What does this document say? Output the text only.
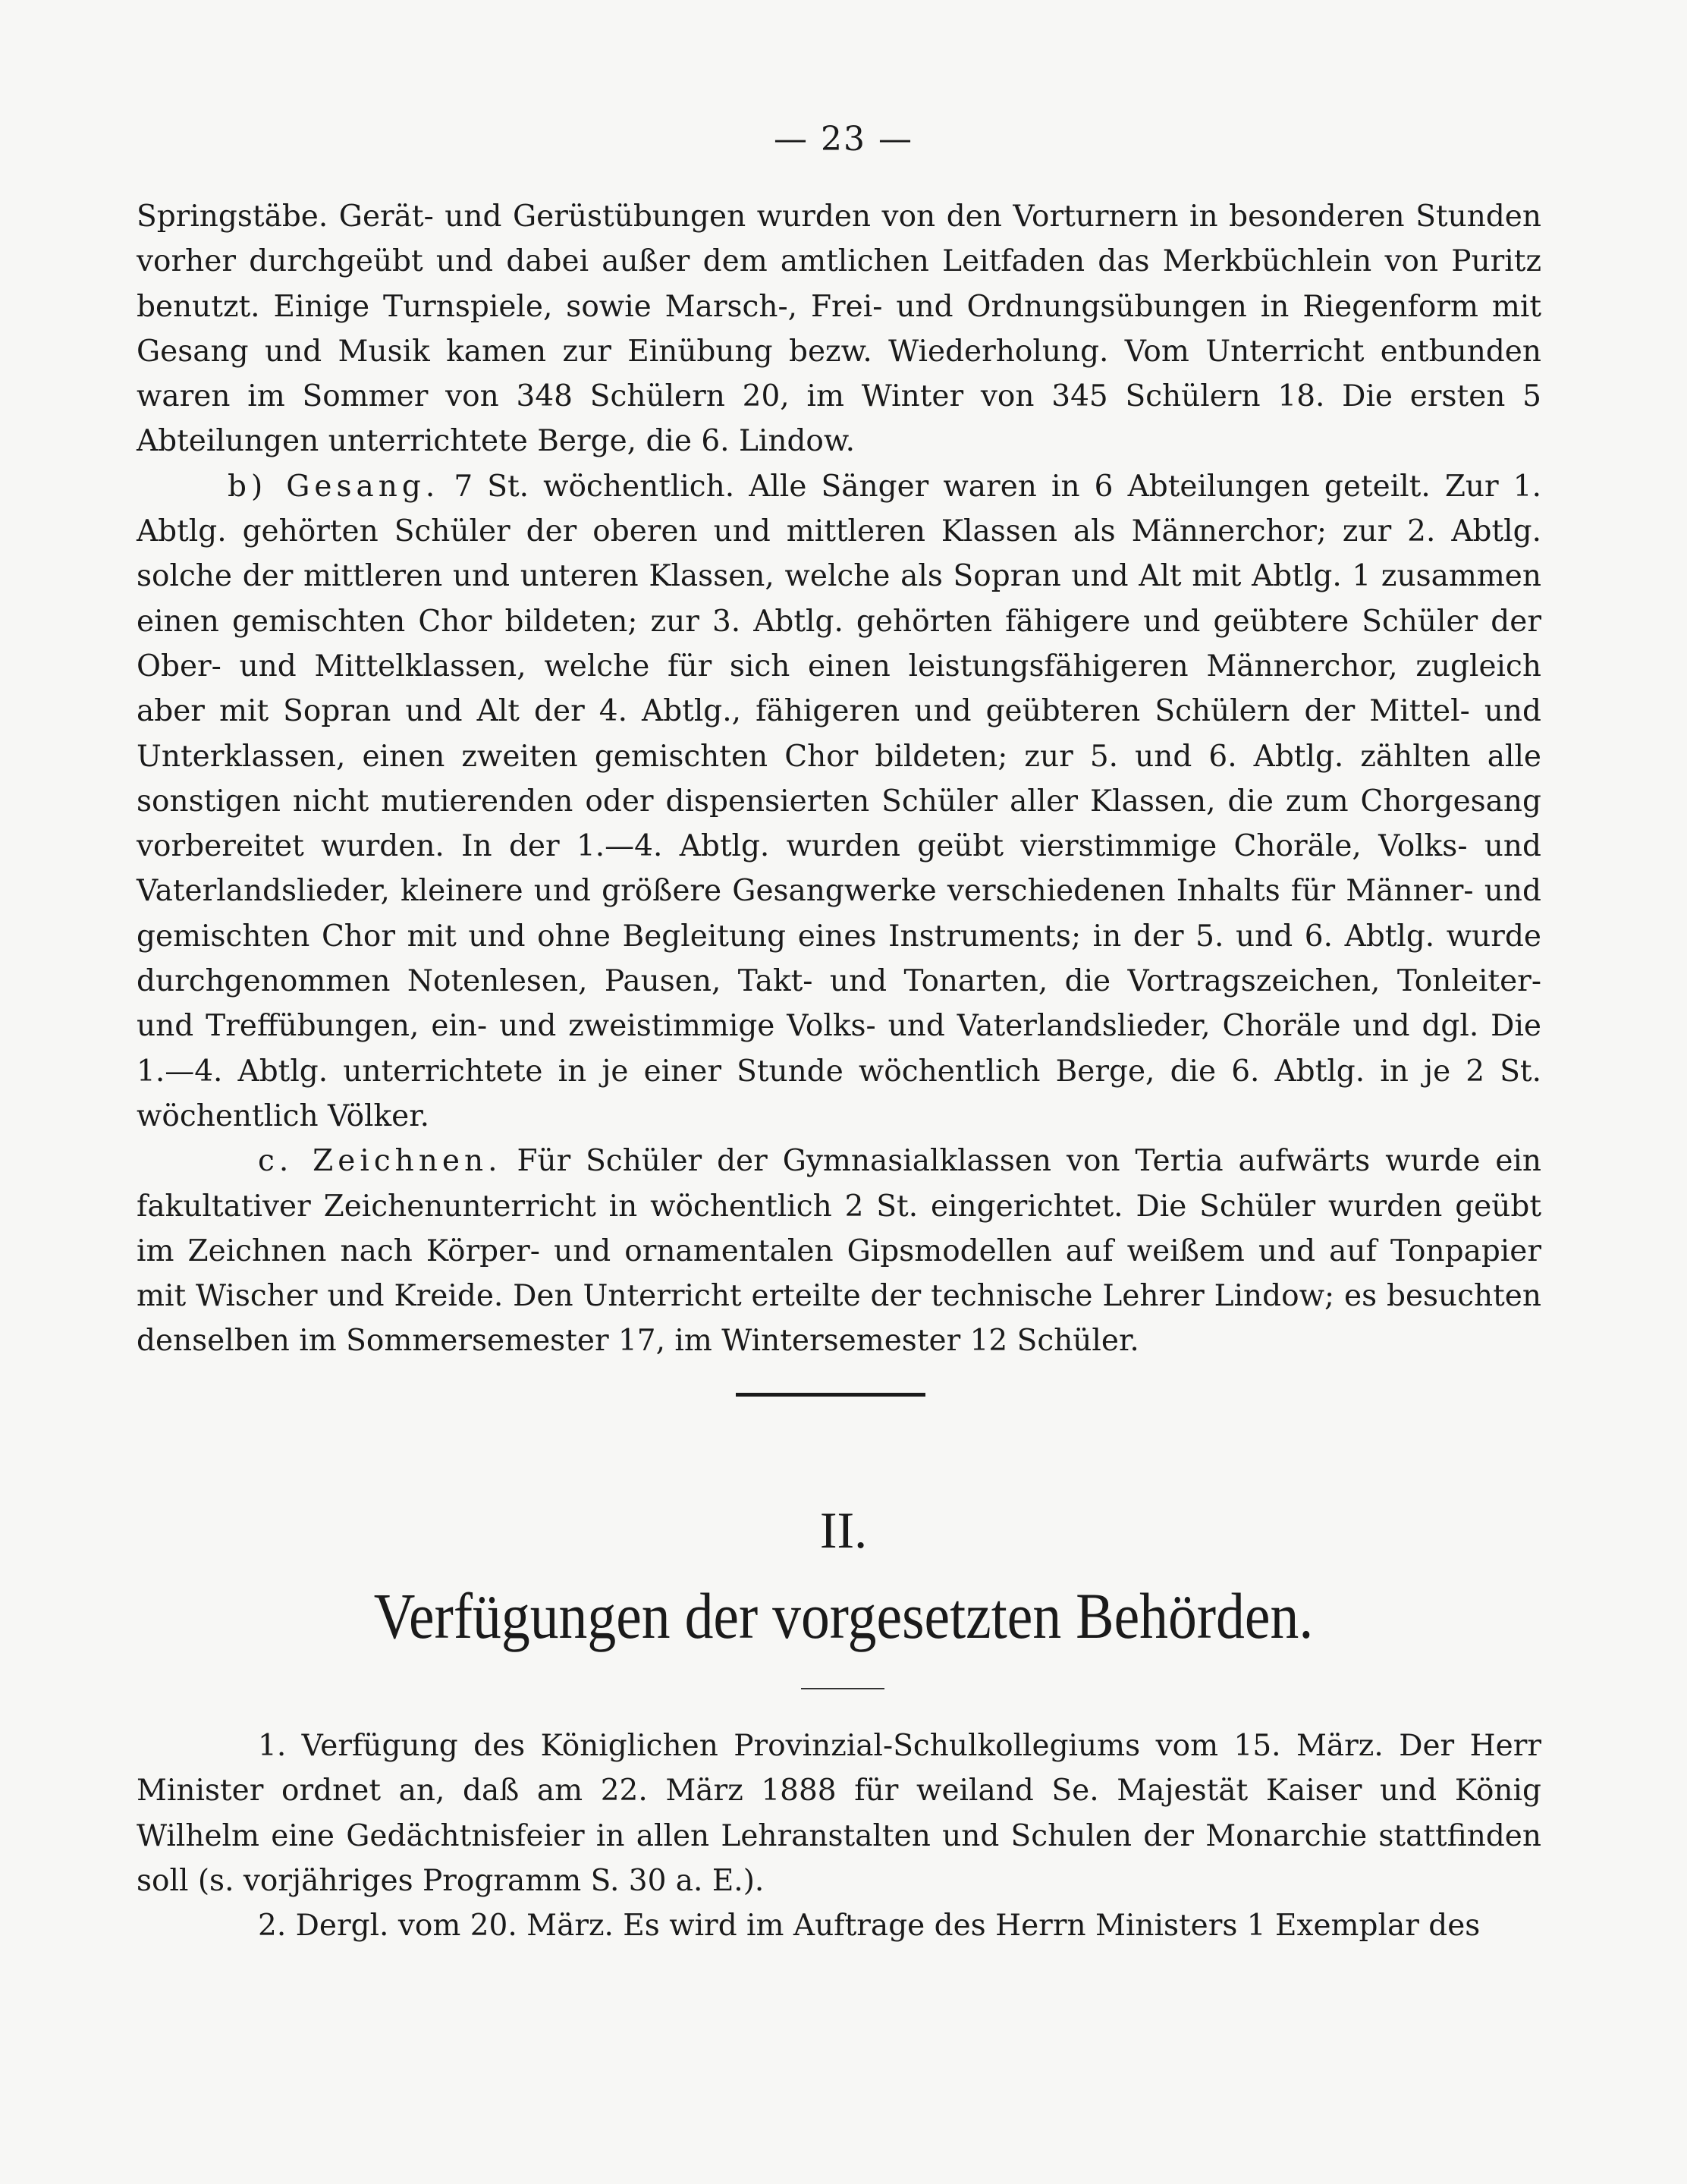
— 23 —

Springstäbe. Gerät- und Gerüstübungen wurden von den Vorturnern in besonderen Stunden vorher durchgeübt und dabei außer dem amtlichen Leitfaden das Merkbüchlein von Puritz benutzt. Einige Turnspiele, sowie Marsch-, Frei- und Ordnungsübungen in Riegenform mit Gesang und Musik kamen zur Einübung bezw. Wiederholung. Vom Unterricht entbunden waren im Sommer von 348 Schülern 20, im Winter von 345 Schülern 18. Die ersten 5 Abteilungen unterrichtete Berge, die 6. Lindow.

b) Gesang. 7 St. wöchentlich. Alle Sänger waren in 6 Abteilungen geteilt. Zur 1. Abtlg. gehörten Schüler der oberen und mittleren Klassen als Männerchor; zur 2. Abtlg. solche der mittleren und unteren Klassen, welche als Sopran und Alt mit Abtlg. 1 zusammen einen gemischten Chor bildeten; zur 3. Abtlg. gehörten fähigere und geübtere Schüler der Ober- und Mittelklassen, welche für sich einen leistungsfähigeren Männerchor, zugleich aber mit Sopran und Alt der 4. Abtlg., fähigeren und geübteren Schülern der Mittel- und Unterklassen, einen zweiten gemischten Chor bildeten; zur 5. und 6. Abtlg. zählten alle sonstigen nicht mutierenden oder dispensierten Schüler aller Klassen, die zum Chorgesang vorbereitet wurden. In der 1.—4. Abtlg. wurden geübt vierstimmige Choräle, Volks- und Vaterlandslieder, kleinere und größere Gesangwerke verschiedenen Inhalts für Männer- und gemischten Chor mit und ohne Begleitung eines Instruments; in der 5. und 6. Abtlg. wurde durchgenommen Notenlesen, Pausen, Takt- und Tonarten, die Vortragszeichen, Tonleiter- und Treffübungen, ein- und zweistimmige Volks- und Vaterlandslieder, Choräle und dgl. Die 1.—4. Abtlg. unterrichtete in je einer Stunde wöchentlich Berge, die 6. Abtlg. in je 2 St. wöchentlich Völker.

c. Zeichnen. Für Schüler der Gymnasialklassen von Tertia aufwärts wurde ein fakultativer Zeichenunterricht in wöchentlich 2 St. eingerichtet. Die Schüler wurden geübt im Zeichnen nach Körper- und ornamentalen Gipsmodellen auf weißem und auf Tonpapier mit Wischer und Kreide. Den Unterricht erteilte der technische Lehrer Lindow; es besuchten denselben im Sommersemester 17, im Wintersemester 12 Schüler.

II.
Verfügungen der vorgesetzten Behörden.

1. Verfügung des Königlichen Provinzial-Schulkollegiums vom 15. März. Der Herr Minister ordnet an, daß am 22. März 1888 für weiland Se. Majestät Kaiser und König Wilhelm eine Gedächtnisfeier in allen Lehranstalten und Schulen der Monarchie stattfinden soll (s. vorjähriges Programm S. 30 a. E.).

2. Dergl. vom 20. März. Es wird im Auftrage des Herrn Ministers 1 Exemplar des
